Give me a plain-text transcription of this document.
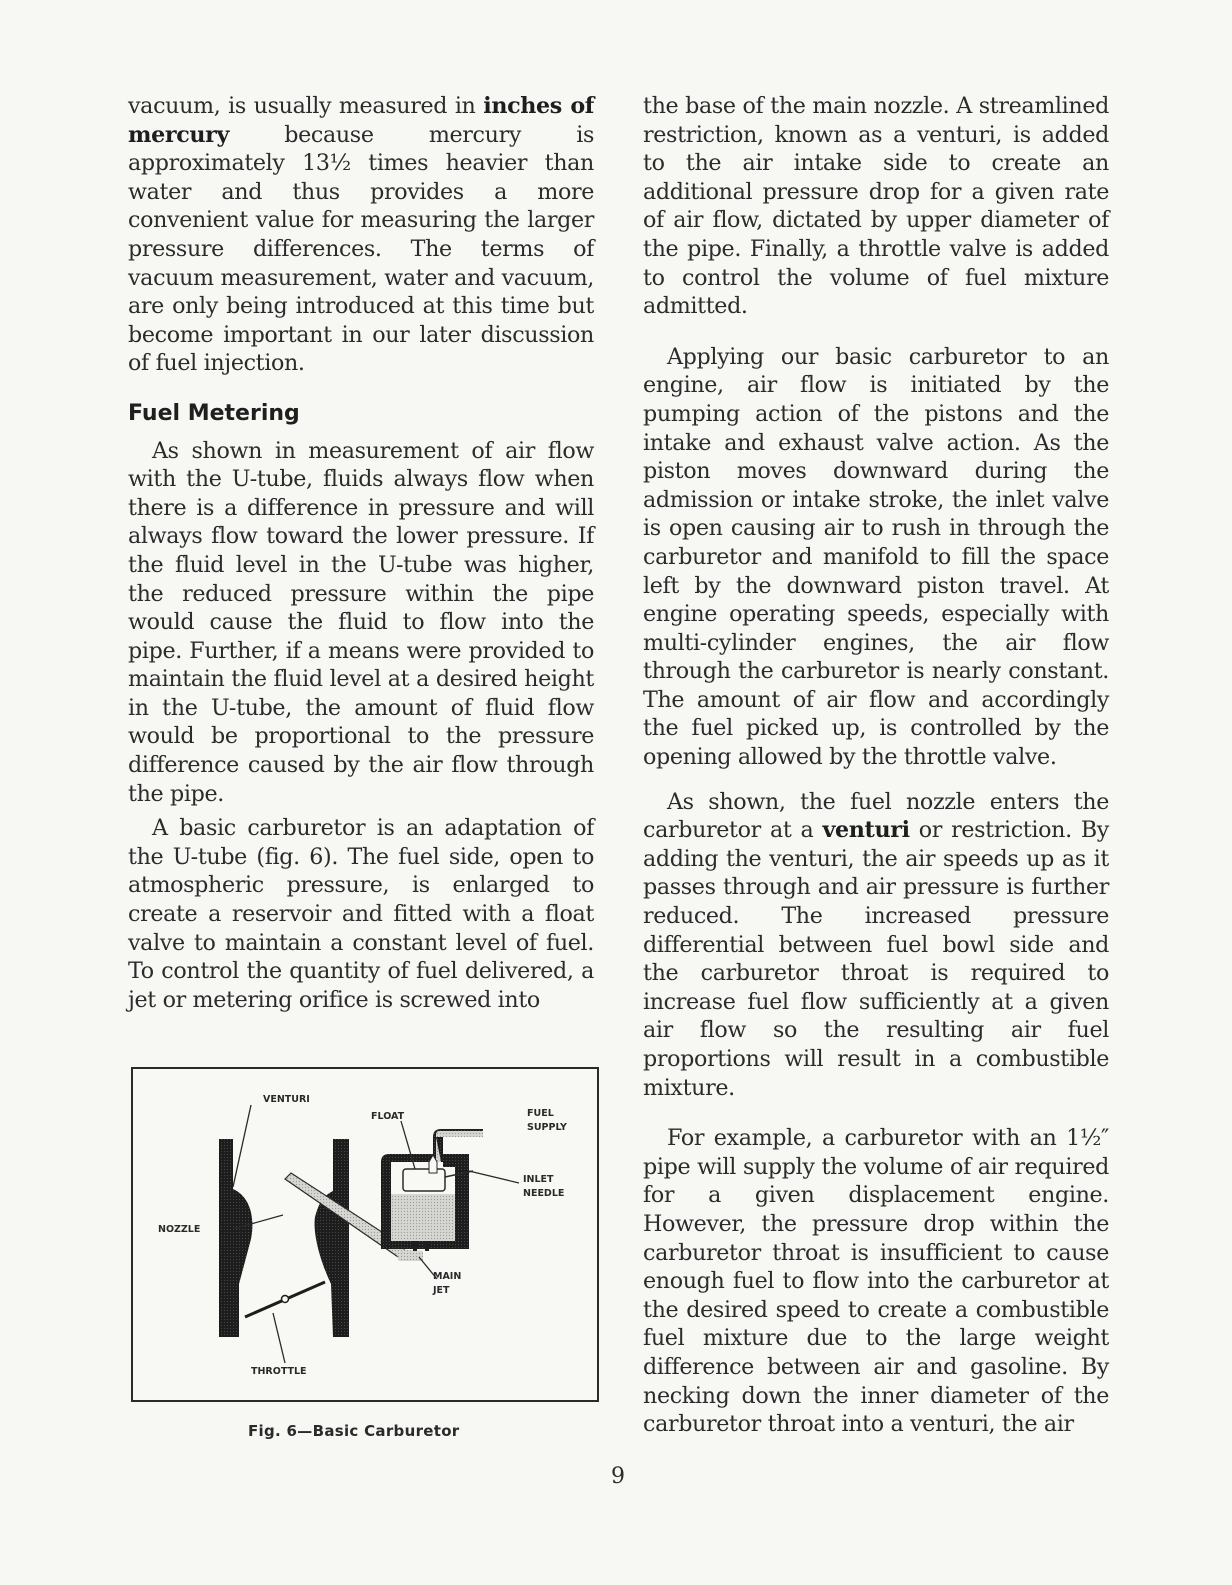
vacuum, is usually measured in inches of mercury because mercury is approximately 13½ times heavier than water and thus provides a more convenient value for measuring the larger pressure differences. The terms of vacuum measurement, water and vacuum, are only being introduced at this time but become important in our later discussion of fuel injection.

Fuel Metering

As shown in measurement of air flow with the U-tube, fluids always flow when there is a difference in pressure and will always flow toward the lower pressure. If the fluid level in the U-tube was higher, the reduced pressure within the pipe would cause the fluid to flow into the pipe. Further, if a means were provided to maintain the fluid level at a desired height in the U-tube, the amount of fluid flow would be proportional to the pressure difference caused by the air flow through the pipe.

A basic carburetor is an adaptation of the U-tube (fig. 6). The fuel side, open to atmospheric pressure, is enlarged to create a reservoir and fitted with a float valve to maintain a constant level of fuel. To control the quantity of fuel delivered, a jet or metering orifice is screwed into

VENTURI
FLOAT	FUEL
SUPPLY
INLET
NEEDLE
NOZZLE
MAIN
JET
THROTTLE
Fig. 6—Basic Carburetor

the base of the main nozzle. A streamlined restriction, known as a venturi, is added to the air intake side to create an additional pressure drop for a given rate of air flow, dictated by upper diameter of the pipe. Finally, a throttle valve is added to control the volume of fuel mixture admitted.

Applying our basic carburetor to an engine, air flow is initiated by the pumping action of the pistons and the intake and exhaust valve action. As the piston moves downward during the admission or intake stroke, the inlet valve is open causing air to rush in through the carburetor and manifold to fill the space left by the downward piston travel. At engine operating speeds, especially with multi-cylinder engines, the air flow through the carburetor is nearly constant. The amount of air flow and accordingly the fuel picked up, is controlled by the opening allowed by the throttle valve.

As shown, the fuel nozzle enters the carburetor at a venturi or restriction. By adding the venturi, the air speeds up as it passes through and air pressure is further reduced. The increased pressure differential between fuel bowl side and the carburetor throat is required to increase fuel flow sufficiently at a given air flow so the resulting air fuel proportions will result in a combustible mixture.

For example, a carburetor with an 1½″ pipe will supply the volume of air required for a given displacement engine. However, the pressure drop within the carburetor throat is insufficient to cause enough fuel to flow into the carburetor at the desired speed to create a combustible fuel mixture due to the large weight difference between air and gasoline. By necking down the inner diameter of the carburetor throat into a venturi, the air

9
